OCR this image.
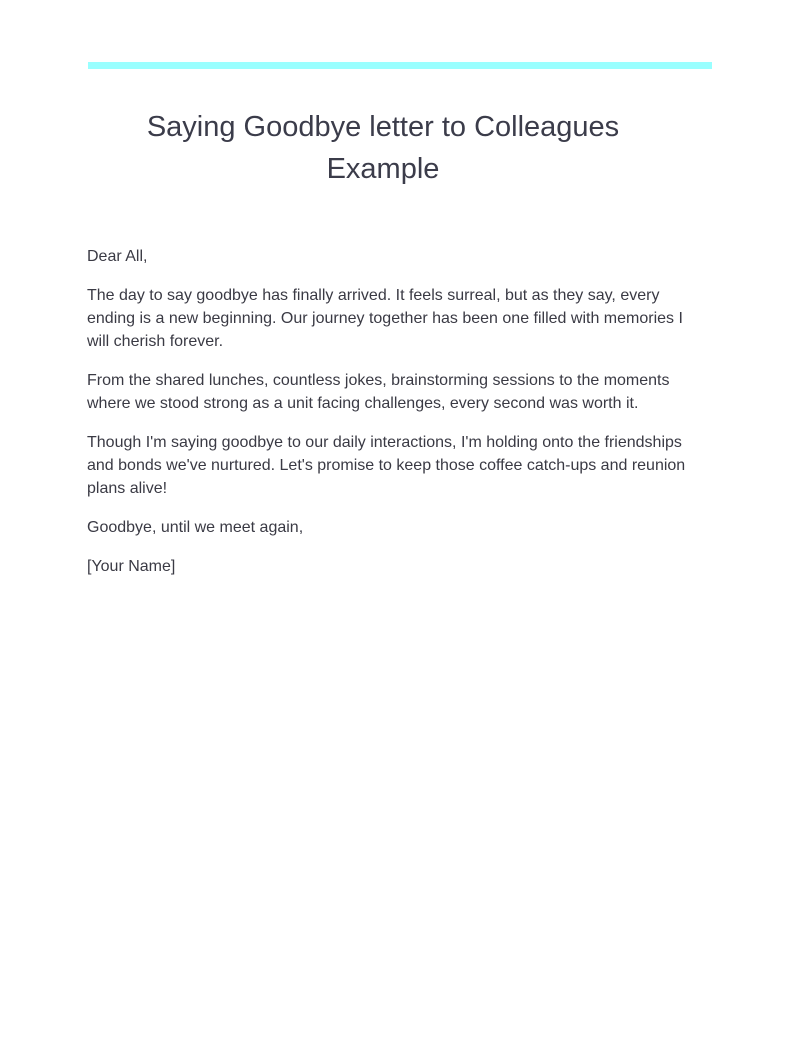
Saying Goodbye letter to Colleagues Example

Dear All,

The day to say goodbye has finally arrived. It feels surreal, but as they say, every ending is a new beginning. Our journey together has been one filled with memories I will cherish forever.

From the shared lunches, countless jokes, brainstorming sessions to the moments where we stood strong as a unit facing challenges, every second was worth it.

Though I'm saying goodbye to our daily interactions, I'm holding onto the friendships and bonds we've nurtured. Let's promise to keep those coffee catch-ups and reunion plans alive!

Goodbye, until we meet again,

[Your Name]
